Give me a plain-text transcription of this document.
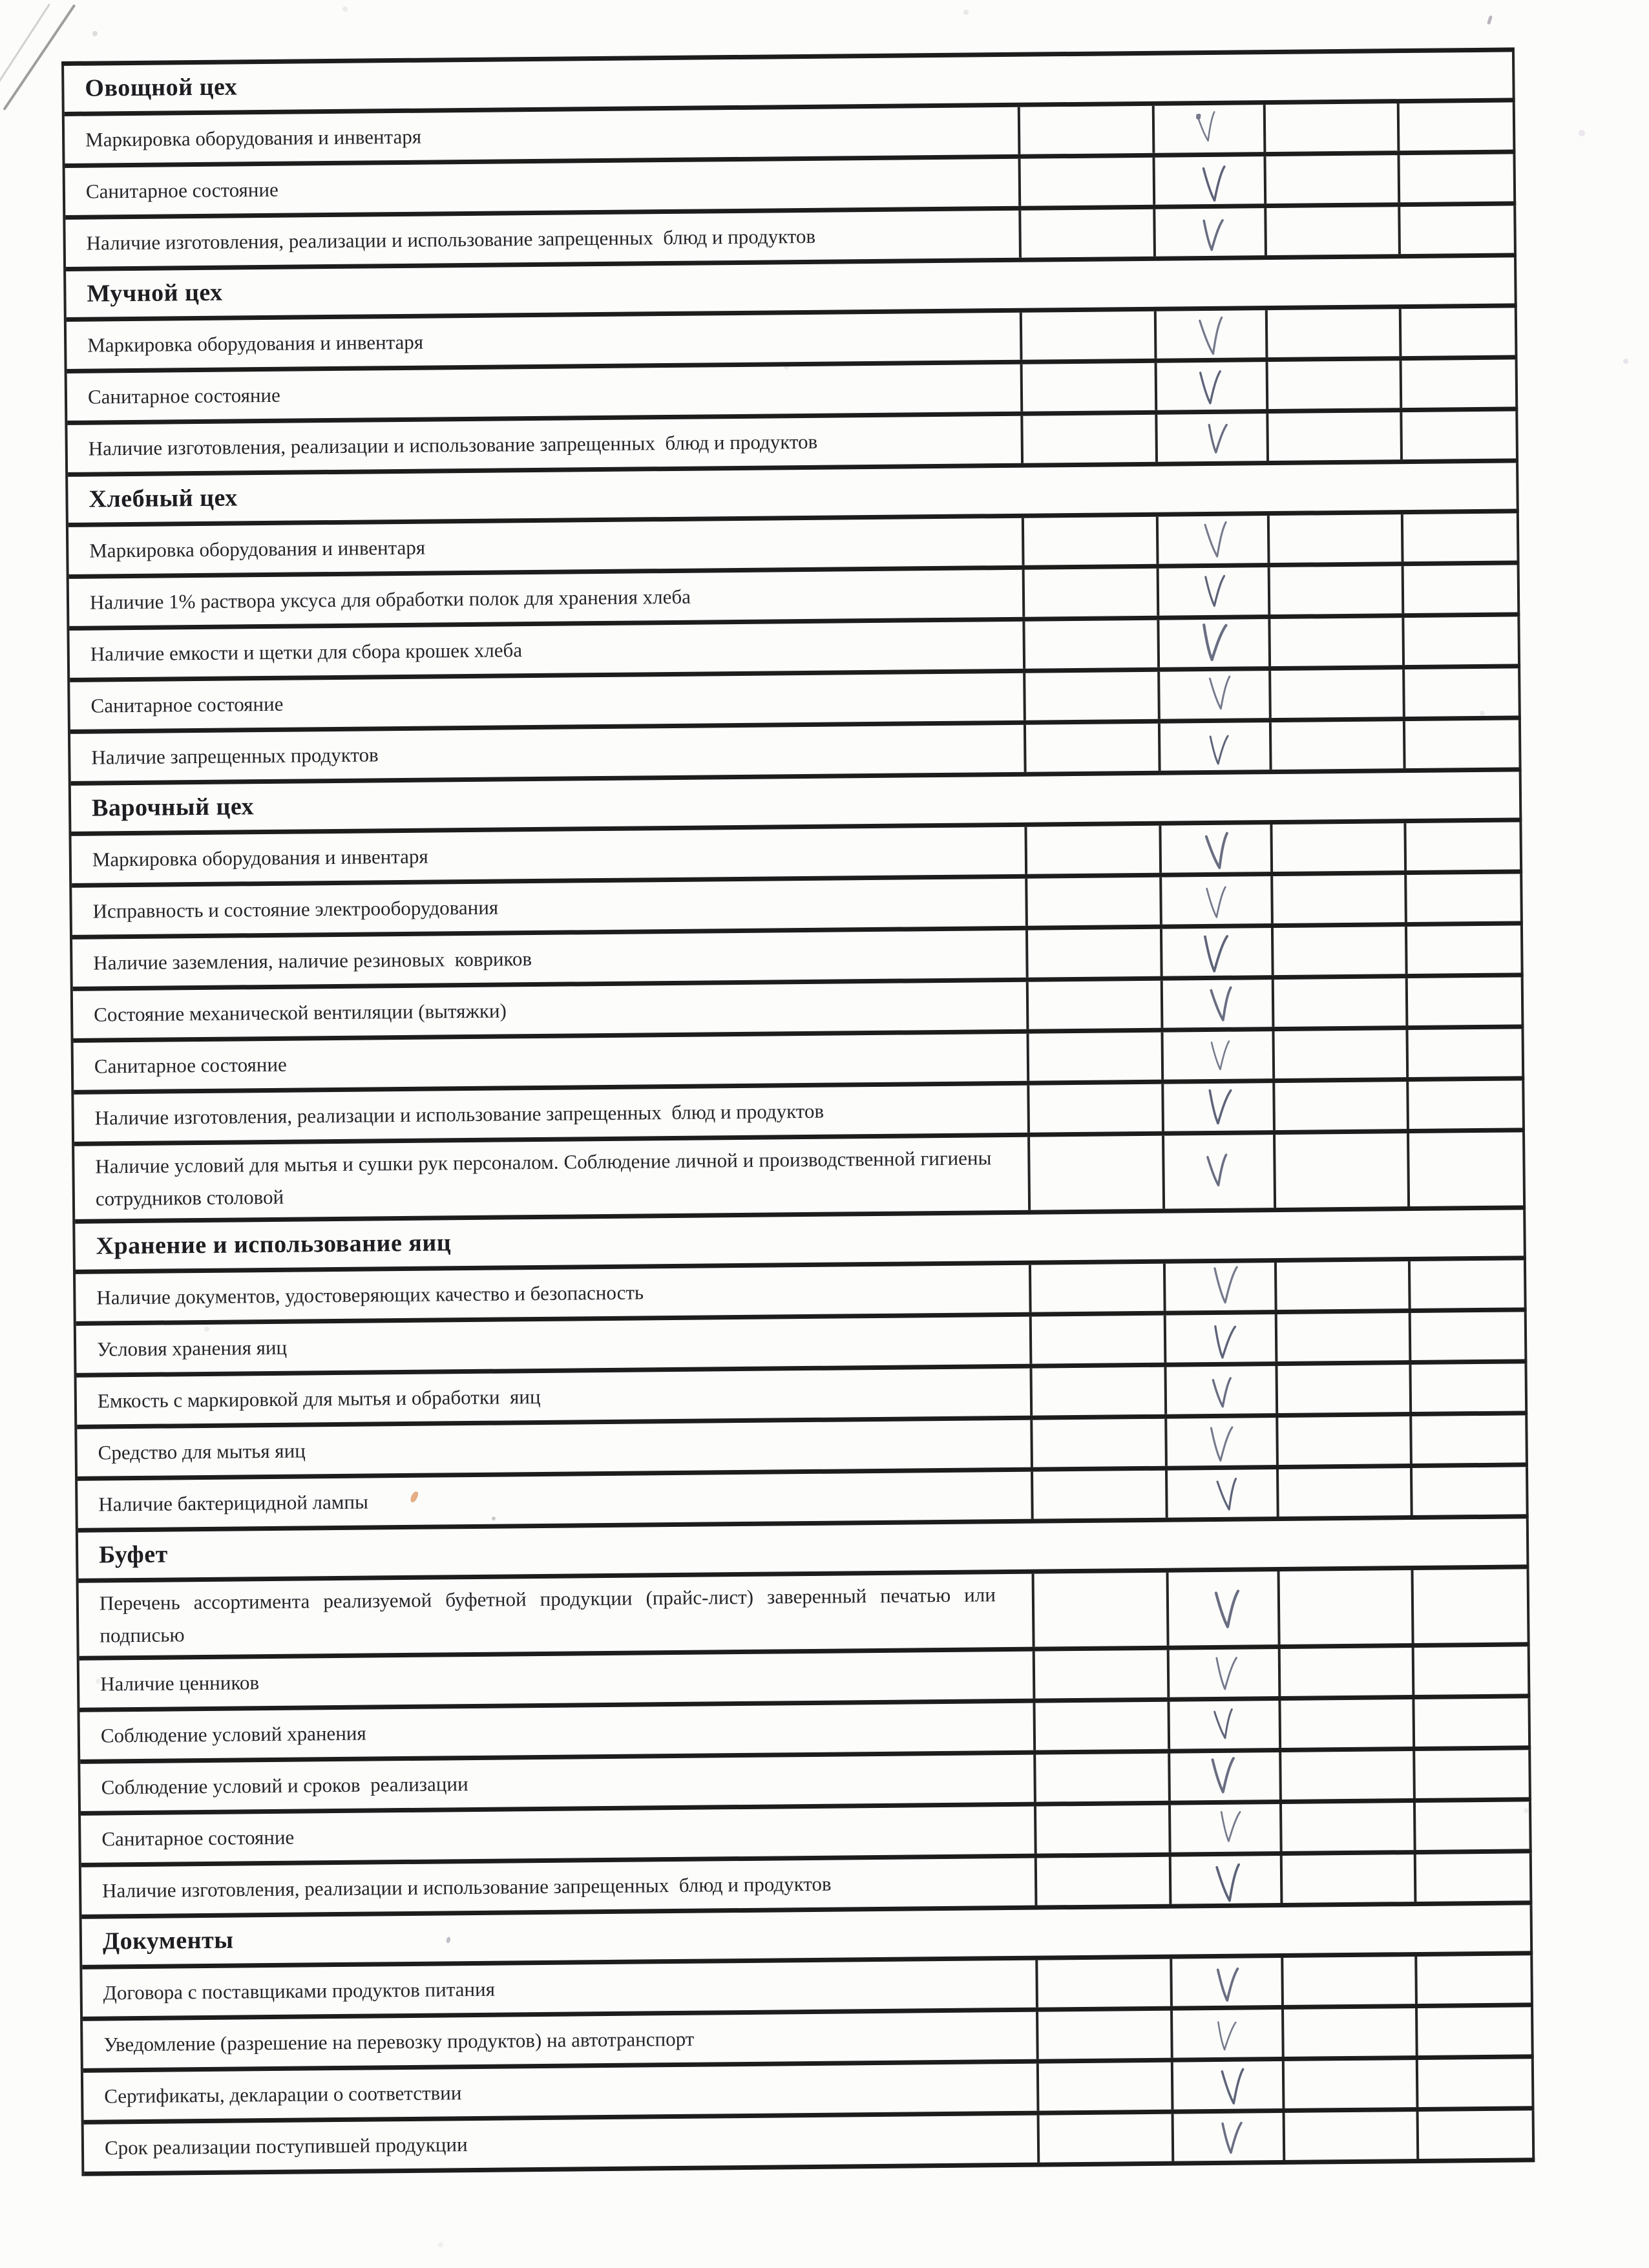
Овощной цех
Маркировка оборудования и инвентаря
Санитарное состояние
Наличие изготовления, реализации и использование запрещенных  блюд и продуктов
Мучной цех
Маркировка оборудования и инвентаря
Санитарное состояние
Наличие изготовления, реализации и использование запрещенных  блюд и продуктов
Хлебный цех
Маркировка оборудования и инвентаря
Наличие 1% раствора уксуса для обработки полок для хранения хлеба
Наличие емкости и щетки для сбора крошек хлеба
Санитарное состояние
Наличие запрещенных продуктов
Варочный цех
Маркировка оборудования и инвентаря
Исправность и состояние электрооборудования
Наличие заземления, наличие резиновых  ковриков
Состояние механической вентиляции (вытяжки)
Санитарное состояние
Наличие изготовления, реализации и использование запрещенных  блюд и продуктов
Наличие условий для мытья и сушки рук персоналом. Соблюдение личной и производственной гигиены сотрудников столовой
Хранение и использование яиц
Наличие документов, удостоверяющих качество и безопасность
Условия хранения яиц
Емкость с маркировкой для мытья и обработки  яиц
Средство для мытья яиц
Наличие бактерицидной лампы
Буфет
Перечень ассортимента реализуемой буфетной продукции (прайс-лист) заверенный печатью или подписью
Наличие ценников
Соблюдение условий хранения
Соблюдение условий и сроков  реализации
Санитарное состояние
Наличие изготовления, реализации и использование запрещенных  блюд и продуктов
Документы
Договора с поставщиками продуктов питания
Уведомление (разрешение на перевозку продуктов) на автотранспорт
Сертификаты, декларации о соответствии
Срок реализации поступившей продукции
